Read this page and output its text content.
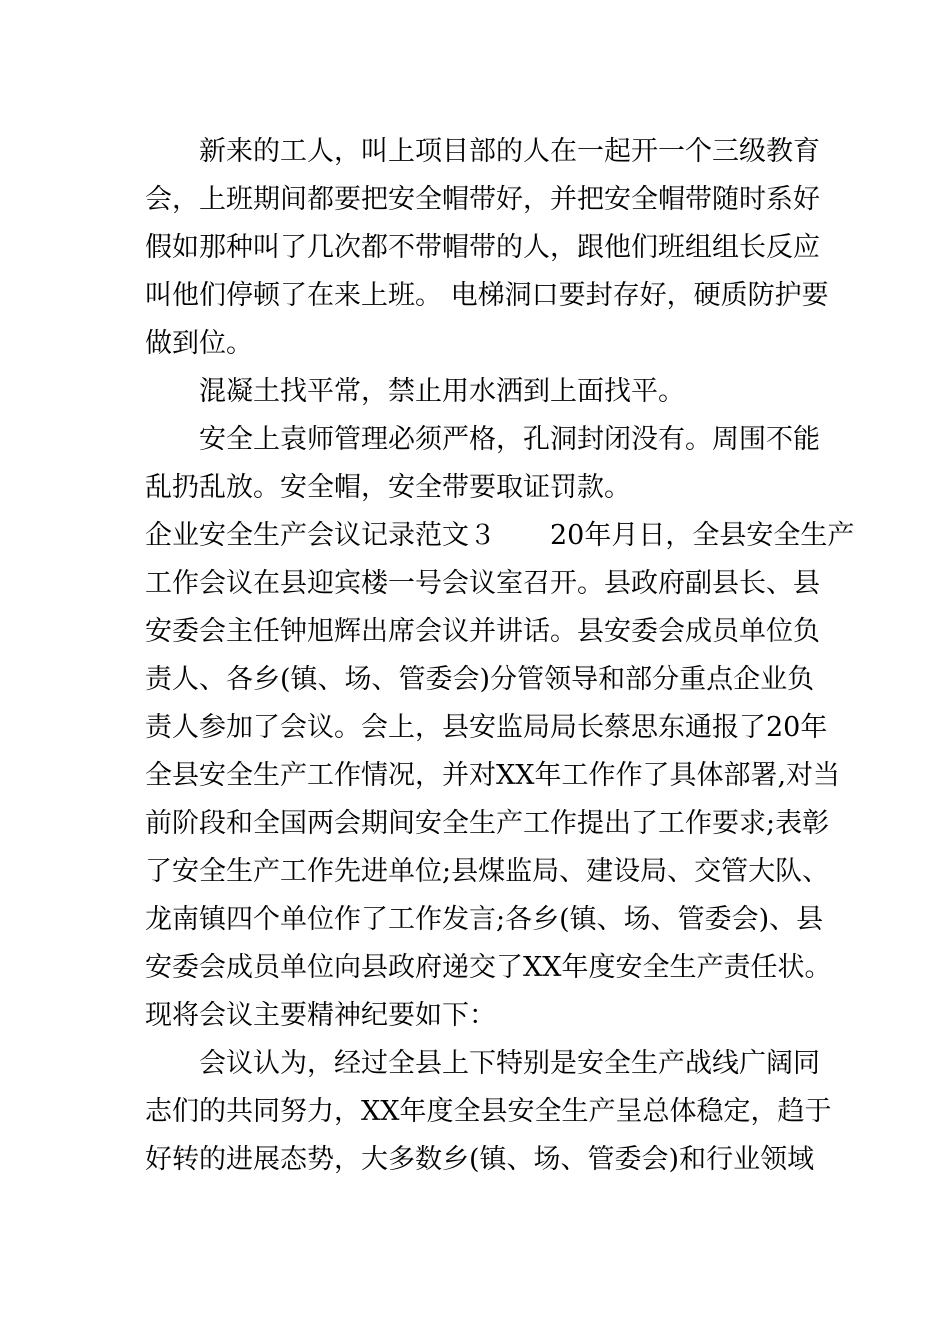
新来的工人，叫上项目部的人在一起开一个三级教育
会，上班期间都要把安全帽带好，并把安全帽带随时系好
假如那种叫了几次都不带帽带的人，跟他们班组组长反应
叫他们停顿了在来上班。 电梯洞口要封存好，硬质防护要
做到位。
混凝土找平常，禁止用水洒到上面找平。
安全上袁师管理必须严格，孔洞封闭没有。周围不能
乱扔乱放。安全帽，安全带要取证罚款。
企业安全生产会议记录范文３　　20年月日，全县安全生产
工作会议在县迎宾楼一号会议室召开。县政府副县长、县
安委会主任钟旭辉出席会议并讲话。县安委会成员单位负
责人、各乡(镇、场、管委会)分管领导和部分重点企业负
责人参加了会议。会上，县安监局局长蔡思东通报了20年
全县安全生产工作情况，并对XX年工作作了具体部署,对当
前阶段和全国两会期间安全生产工作提出了工作要求;表彰
了安全生产工作先进单位;县煤监局、建设局、交管大队、
龙南镇四个单位作了工作发言;各乡(镇、场、管委会)、县
安委会成员单位向县政府递交了XX年度安全生产责任状。
现将会议主要精神纪要如下：
会议认为，经过全县上下特别是安全生产战线广阔同
志们的共同努力，XX年度全县安全生产呈总体稳定，趋于
好转的进展态势，大多数乡(镇、场、管委会)和行业领域
